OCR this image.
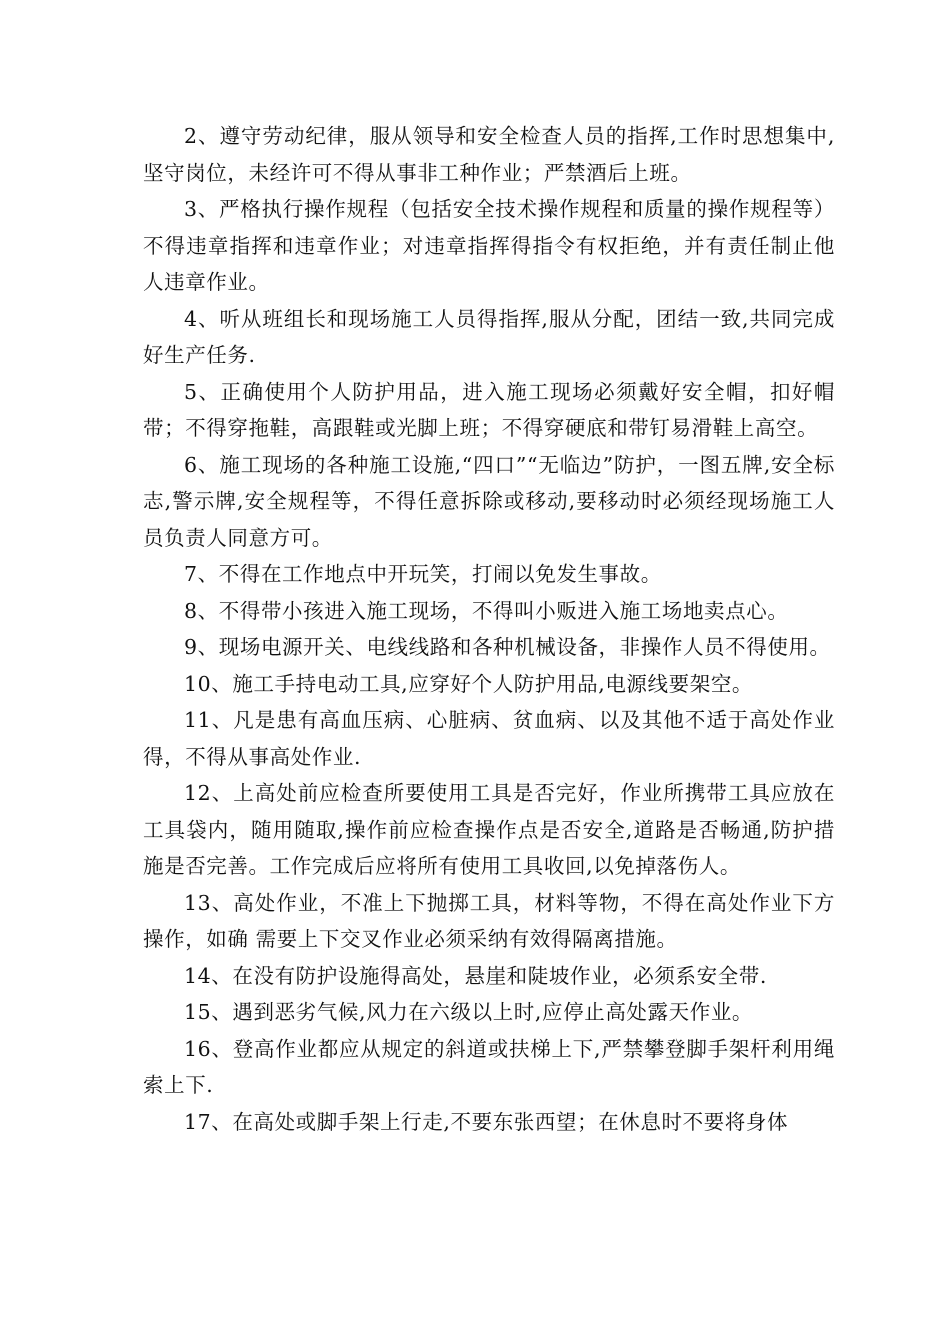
2、遵守劳动纪律，服从领导和安全检查人员的指挥,工作时思想集中,坚守岗位，未经许可不得从事非工种作业；严禁酒后上班。

3、严格执行操作规程（包括安全技术操作规程和质量的操作规程等）不得违章指挥和违章作业；对违章指挥得指令有权拒绝，并有责任制止他人违章作业。

4、听从班组长和现场施工人员得指挥,服从分配，团结一致,共同完成好生产任务.

5、正确使用个人防护用品，进入施工现场必须戴好安全帽，扣好帽带；不得穿拖鞋，高跟鞋或光脚上班；不得穿硬底和带钉易滑鞋上高空。

6、施工现场的各种施工设施,“四口”“无临边”防护，一图五牌,安全标志,警示牌,安全规程等，不得任意拆除或移动,要移动时必须经现场施工人员负责人同意方可。

7、不得在工作地点中开玩笑，打闹以免发生事故。

8、不得带小孩进入施工现场，不得叫小贩进入施工场地卖点心。

9、现场电源开关、电线线路和各种机械设备，非操作人员不得使用。

10、施工手持电动工具,应穿好个人防护用品,电源线要架空。

11、凡是患有高血压病、心脏病、贫血病、以及其他不适于高处作业得，不得从事高处作业.

12、上高处前应检查所要使用工具是否完好，作业所携带工具应放在工具袋内，随用随取,操作前应检查操作点是否安全,道路是否畅通,防护措施是否完善。工作完成后应将所有使用工具收回,以免掉落伤人。

13、高处作业，不准上下抛掷工具，材料等物，不得在高处作业下方操作，如确 需要上下交叉作业必须采纳有效得隔离措施。

14、在没有防护设施得高处，悬崖和陡坡作业，必须系安全带.

15、遇到恶劣气候,风力在六级以上时,应停止高处露天作业。

16、登高作业都应从规定的斜道或扶梯上下,严禁攀登脚手架杆利用绳索上下.

17、在高处或脚手架上行走,不要东张西望；在休息时不要将身体
